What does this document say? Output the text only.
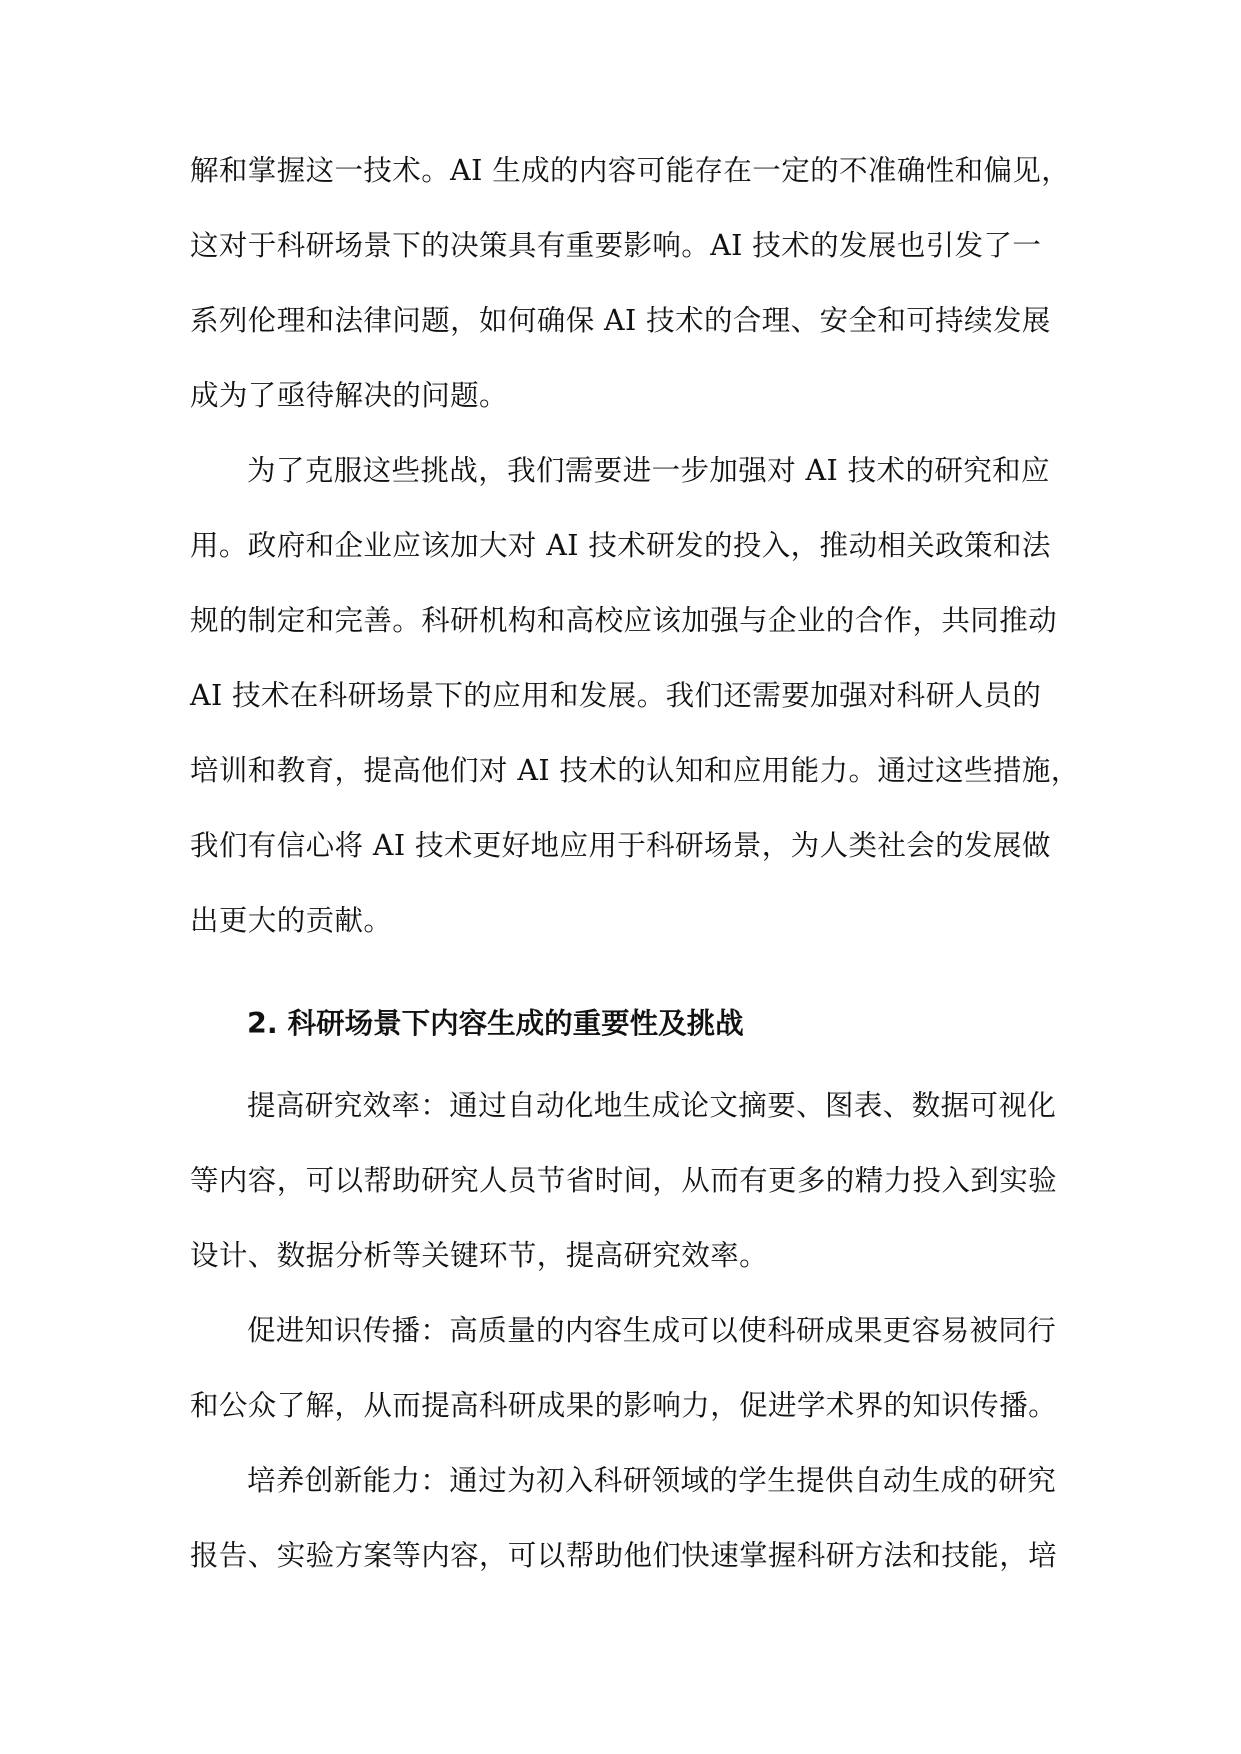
解和掌握这一技术。AI 生成的内容可能存在一定的不准确性和偏见，
这对于科研场景下的决策具有重要影响。AI 技术的发展也引发了一
系列伦理和法律问题，如何确保 AI 技术的合理、安全和可持续发展
成为了亟待解决的问题。
为了克服这些挑战，我们需要进一步加强对 AI 技术的研究和应
用。政府和企业应该加大对 AI 技术研发的投入，推动相关政策和法
规的制定和完善。科研机构和高校应该加强与企业的合作，共同推动
AI 技术在科研场景下的应用和发展。我们还需要加强对科研人员的
培训和教育，提高他们对 AI 技术的认知和应用能力。通过这些措施，
我们有信心将 AI 技术更好地应用于科研场景，为人类社会的发展做
出更大的贡献。
2. 科研场景下内容生成的重要性及挑战
提高研究效率：通过自动化地生成论文摘要、图表、数据可视化
等内容，可以帮助研究人员节省时间，从而有更多的精力投入到实验
设计、数据分析等关键环节，提高研究效率。
促进知识传播：高质量的内容生成可以使科研成果更容易被同行
和公众了解，从而提高科研成果的影响力，促进学术界的知识传播。
培养创新能力：通过为初入科研领域的学生提供自动生成的研究
报告、实验方案等内容，可以帮助他们快速掌握科研方法和技能，培
